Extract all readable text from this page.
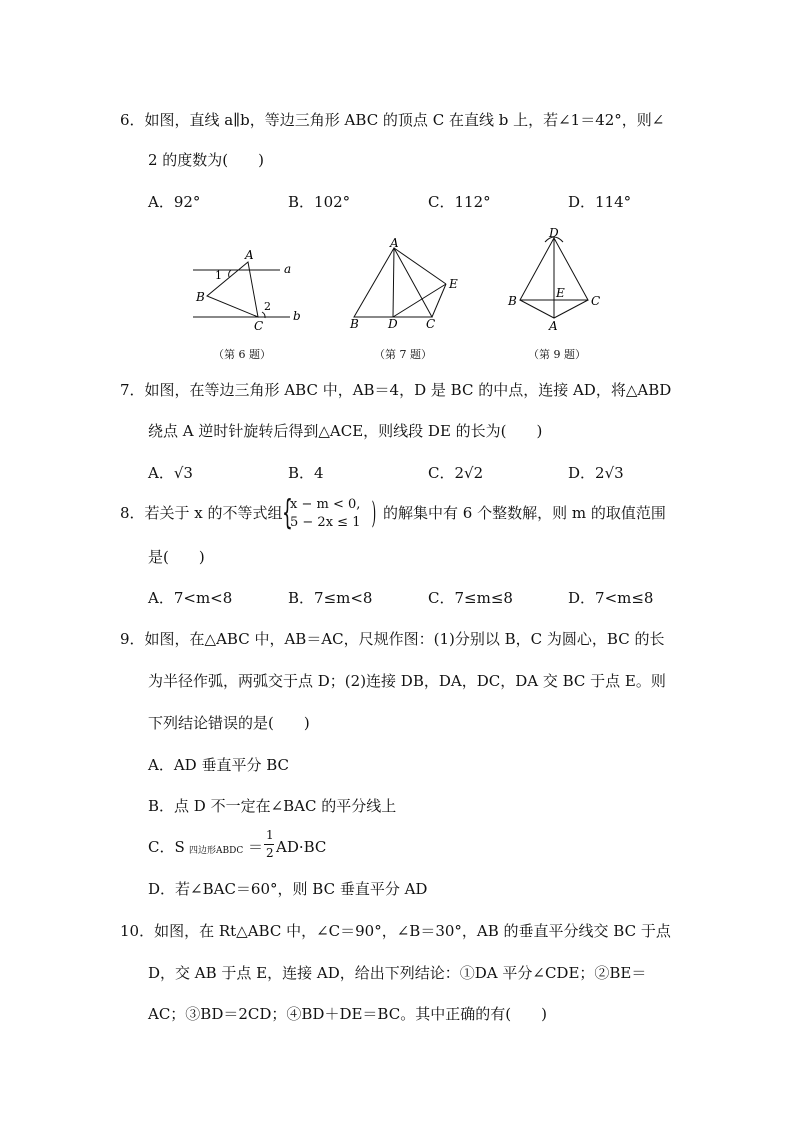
6．如图，直线 a∥b，等边三角形 ABC 的顶点 C 在直线 b 上，若∠1＝42°，则∠
2 的度数为(　　)
A．92°	B．102°	C．112°	D．114°
A
a
1
B
2
C
b
（第 6 题）
A
E
B D C
（第 7 题）
D
E
B	C
A
（第 9 题）
7．如图，在等边三角形 ABC 中，AB＝4，D 是 BC 的中点，连接 AD，将△ABD
绕点 A 逆时针旋转后得到△ACE，则线段 DE 的长为(　　)
A．√3	B．4	C．2√2	D．2√3
8．若关于 x 的不等式组 {
x − m < 0,
5 − 2x ≤ 1 ) 的解集中有 6 个整数解，则 m 的取值范围
是(　　)
A．7<m<8	B．7≤m<8	C．7≤m≤8	D．7<m≤8
9．如图，在△ABC 中，AB＝AC，尺规作图：(1)分别以 B，C 为圆心，BC 的长
为半径作弧，两弧交于点 D；(2)连接 DB，DA，DC，DA 交 BC 于点 E。则
下列结论错误的是(　　)
A．AD 垂直平分 BC
B．点 D 不一定在∠BAC 的平分线上
C．S 四边形ABDC ＝
1
2 AD·BC
D．若∠BAC＝60°，则 BC 垂直平分 AD
10．如图，在 Rt△ABC 中，∠C＝90°，∠B＝30°，AB 的垂直平分线交 BC 于点
D，交 AB 于点 E，连接 AD，给出下列结论：①DA 平分∠CDE；②BE＝
AC；③BD＝2CD；④BD＋DE＝BC。其中正确的有(　　)
